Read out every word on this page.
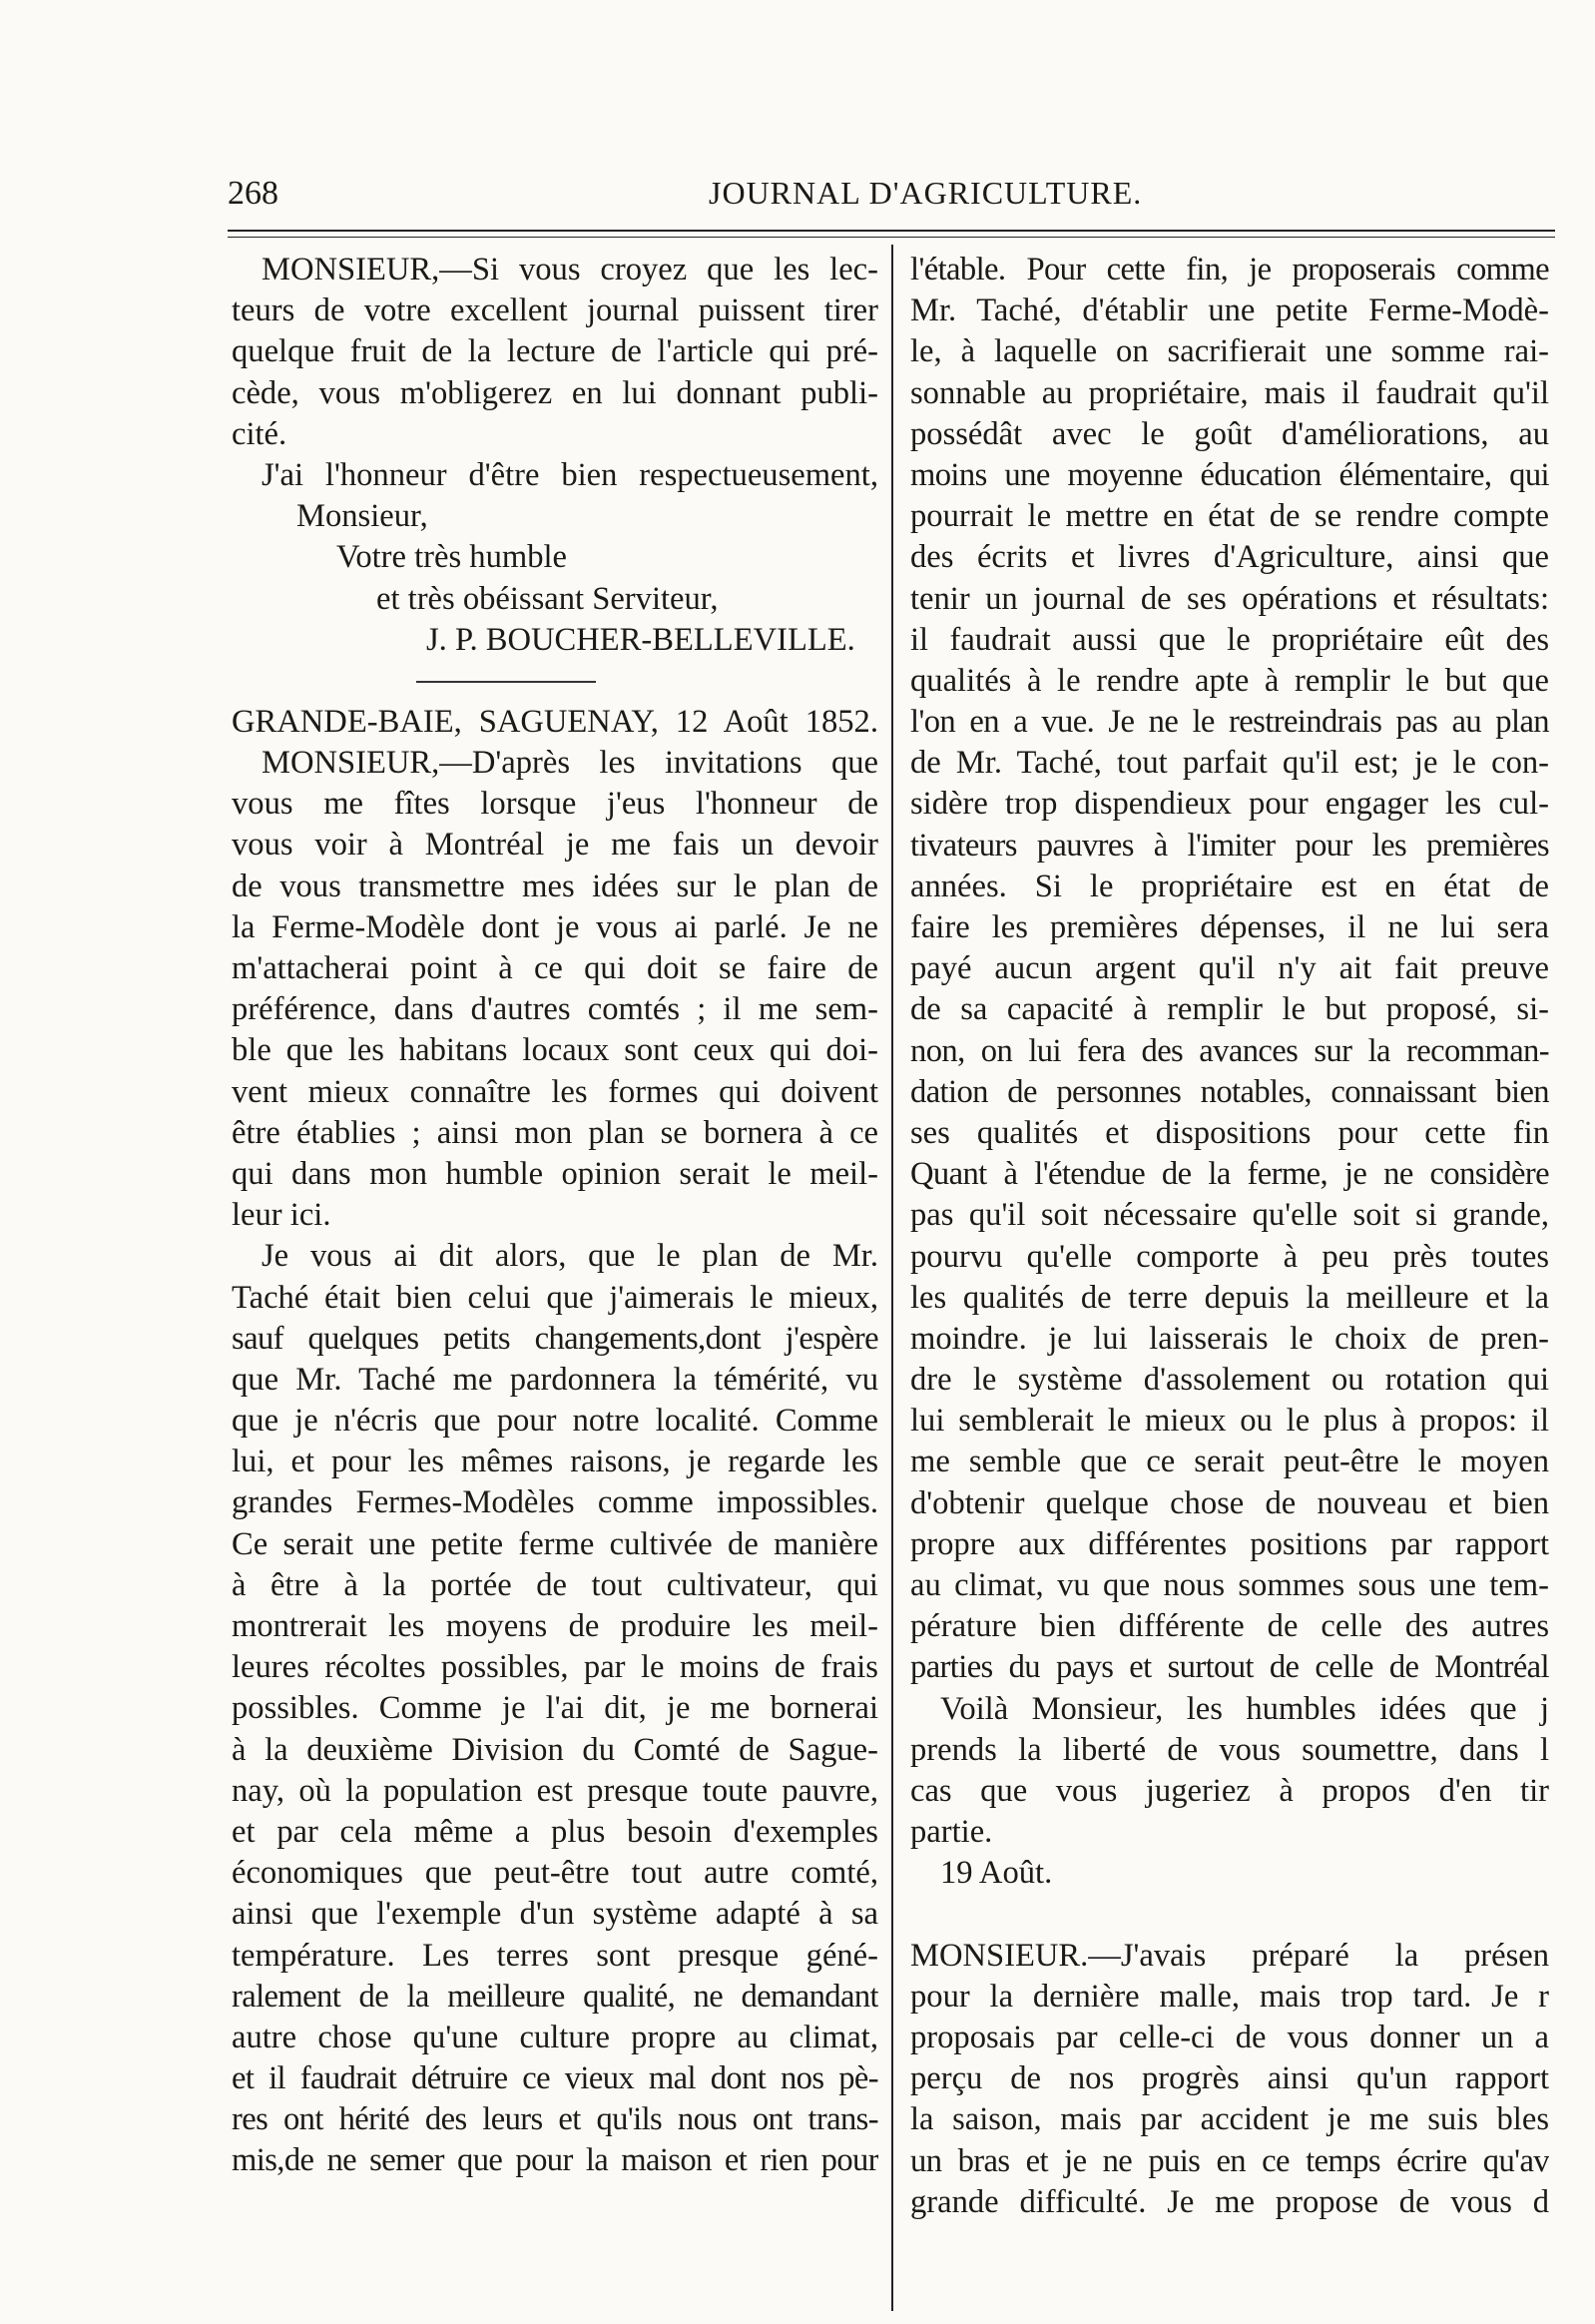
268	JOURNAL D'AGRICULTURE.
MONSIEUR,—Si vous croyez que les lec-
teurs de votre excellent journal puissent tirer
quelque fruit de la lecture de l'article qui pré-
cède, vous m'obligerez en lui donnant publi-
cité.
J'ai l'honneur d'être bien respectueusement,
Monsieur,
Votre très humble
et très obéissant Serviteur,
J. P. BOUCHER-BELLEVILLE.
GRANDE-BAIE, SAGUENAY, 12 Août 1852.
MONSIEUR,—D'après les invitations que
vous me fîtes lorsque j'eus l'honneur de
vous voir à Montréal je me fais un devoir
de vous transmettre mes idées sur le plan de
la Ferme-Modèle dont je vous ai parlé. Je ne
m'attacherai point à ce qui doit se faire de
préférence, dans d'autres comtés ; il me sem-
ble que les habitans locaux sont ceux qui doi-
vent mieux connaître les formes qui doivent
être établies ; ainsi mon plan se bornera à ce
qui dans mon humble opinion serait le meil-
leur ici.
Je vous ai dit alors, que le plan de Mr.
Taché était bien celui que j'aimerais le mieux,
sauf quelques petits changements,dont j'espère
que Mr. Taché me pardonnera la témérité, vu
que je n'écris que pour notre localité. Comme
lui, et pour les mêmes raisons, je regarde les
grandes Fermes-Modèles comme impossibles.
Ce serait une petite ferme cultivée de manière
à être à la portée de tout cultivateur, qui
montrerait les moyens de produire les meil-
leures récoltes possibles, par le moins de frais
possibles. Comme je l'ai dit, je me bornerai
à la deuxième Division du Comté de Sague-
nay, où la population est presque toute pauvre,
et par cela même a plus besoin d'exemples
économiques que peut-être tout autre comté,
ainsi que l'exemple d'un système adapté à sa
température. Les terres sont presque géné-
ralement de la meilleure qualité, ne demandant
autre chose qu'une culture propre au climat,
et il faudrait détruire ce vieux mal dont nos pè-
res ont hérité des leurs et qu'ils nous ont trans-
mis,de ne semer que pour la maison et rien pour
l'étable. Pour cette fin, je proposerais comme
Mr. Taché, d'établir une petite Ferme-Modè-
le, à laquelle on sacrifierait une somme rai-
sonnable au propriétaire, mais il faudrait qu'il
possédât avec le goût d'améliorations, au
moins une moyenne éducation élémentaire, qui
pourrait le mettre en état de se rendre compte
des écrits et livres d'Agriculture, ainsi que
tenir un journal de ses opérations et résultats:
il faudrait aussi que le propriétaire eût des
qualités à le rendre apte à remplir le but que
l'on en a vue. Je ne le restreindrais pas au plan
de Mr. Taché, tout parfait qu'il est; je le con-
sidère trop dispendieux pour engager les cul-
tivateurs pauvres à l'imiter pour les premières
années. Si le propriétaire est en état de
faire les premières dépenses, il ne lui sera
payé aucun argent qu'il n'y ait fait preuve
de sa capacité à remplir le but proposé, si-
non, on lui fera des avances sur la recomman-
dation de personnes notables, connaissant bien
ses qualités et dispositions pour cette fin
Quant à l'étendue de la ferme, je ne considère
pas qu'il soit nécessaire qu'elle soit si grande,
pourvu qu'elle comporte à peu près toutes
les qualités de terre depuis la meilleure et la
moindre. je lui laisserais le choix de pren-
dre le système d'assolement ou rotation qui
lui semblerait le mieux ou le plus à propos: il
me semble que ce serait peut-être le moyen
d'obtenir quelque chose de nouveau et bien
propre aux différentes positions par rapport
au climat, vu que nous sommes sous une tem-
pérature bien différente de celle des autres
parties du pays et surtout de celle de Montréal
Voilà Monsieur, les humbles idées que j
prends la liberté de vous soumettre, dans l
cas que vous jugeriez à propos d'en tir
partie.
19 Août.
MONSIEUR.—J'avais préparé la présen
pour la dernière malle, mais trop tard. Je r
proposais par celle-ci de vous donner un a
perçu de nos progrès ainsi qu'un rapport
la saison, mais par accident je me suis bles
un bras et je ne puis en ce temps écrire qu'av
grande difficulté. Je me propose de vous d
